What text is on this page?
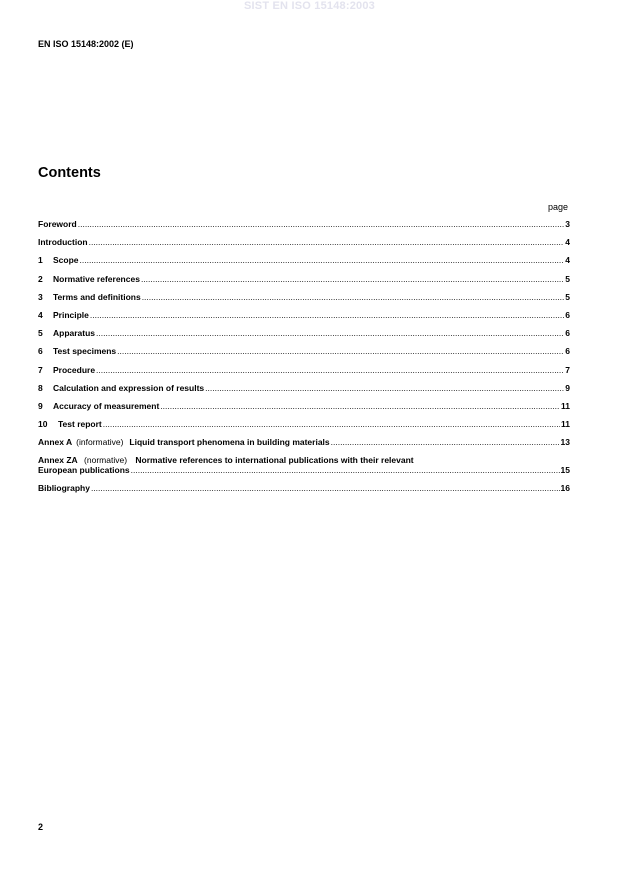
SIST EN ISO 15148:2003
EN ISO 15148:2002 (E)
Contents
page
Foreword .....	3
Introduction .....	4
1	Scope .....	4
2	Normative references .....	5
3	Terms and definitions .....	5
4	Principle .....	6
5	Apparatus .....	6
6	Test specimens .....	6
7	Procedure .....	7
8	Calculation and expression of results .....	9
9	Accuracy of measurement .....	11
10	Test report .....	11
Annex A (informative) Liquid transport phenomena in building materials .....	13
Annex ZA (normative) Normative references to international publications with their relevant
European publications .....	15
Bibliography .....	16
2
